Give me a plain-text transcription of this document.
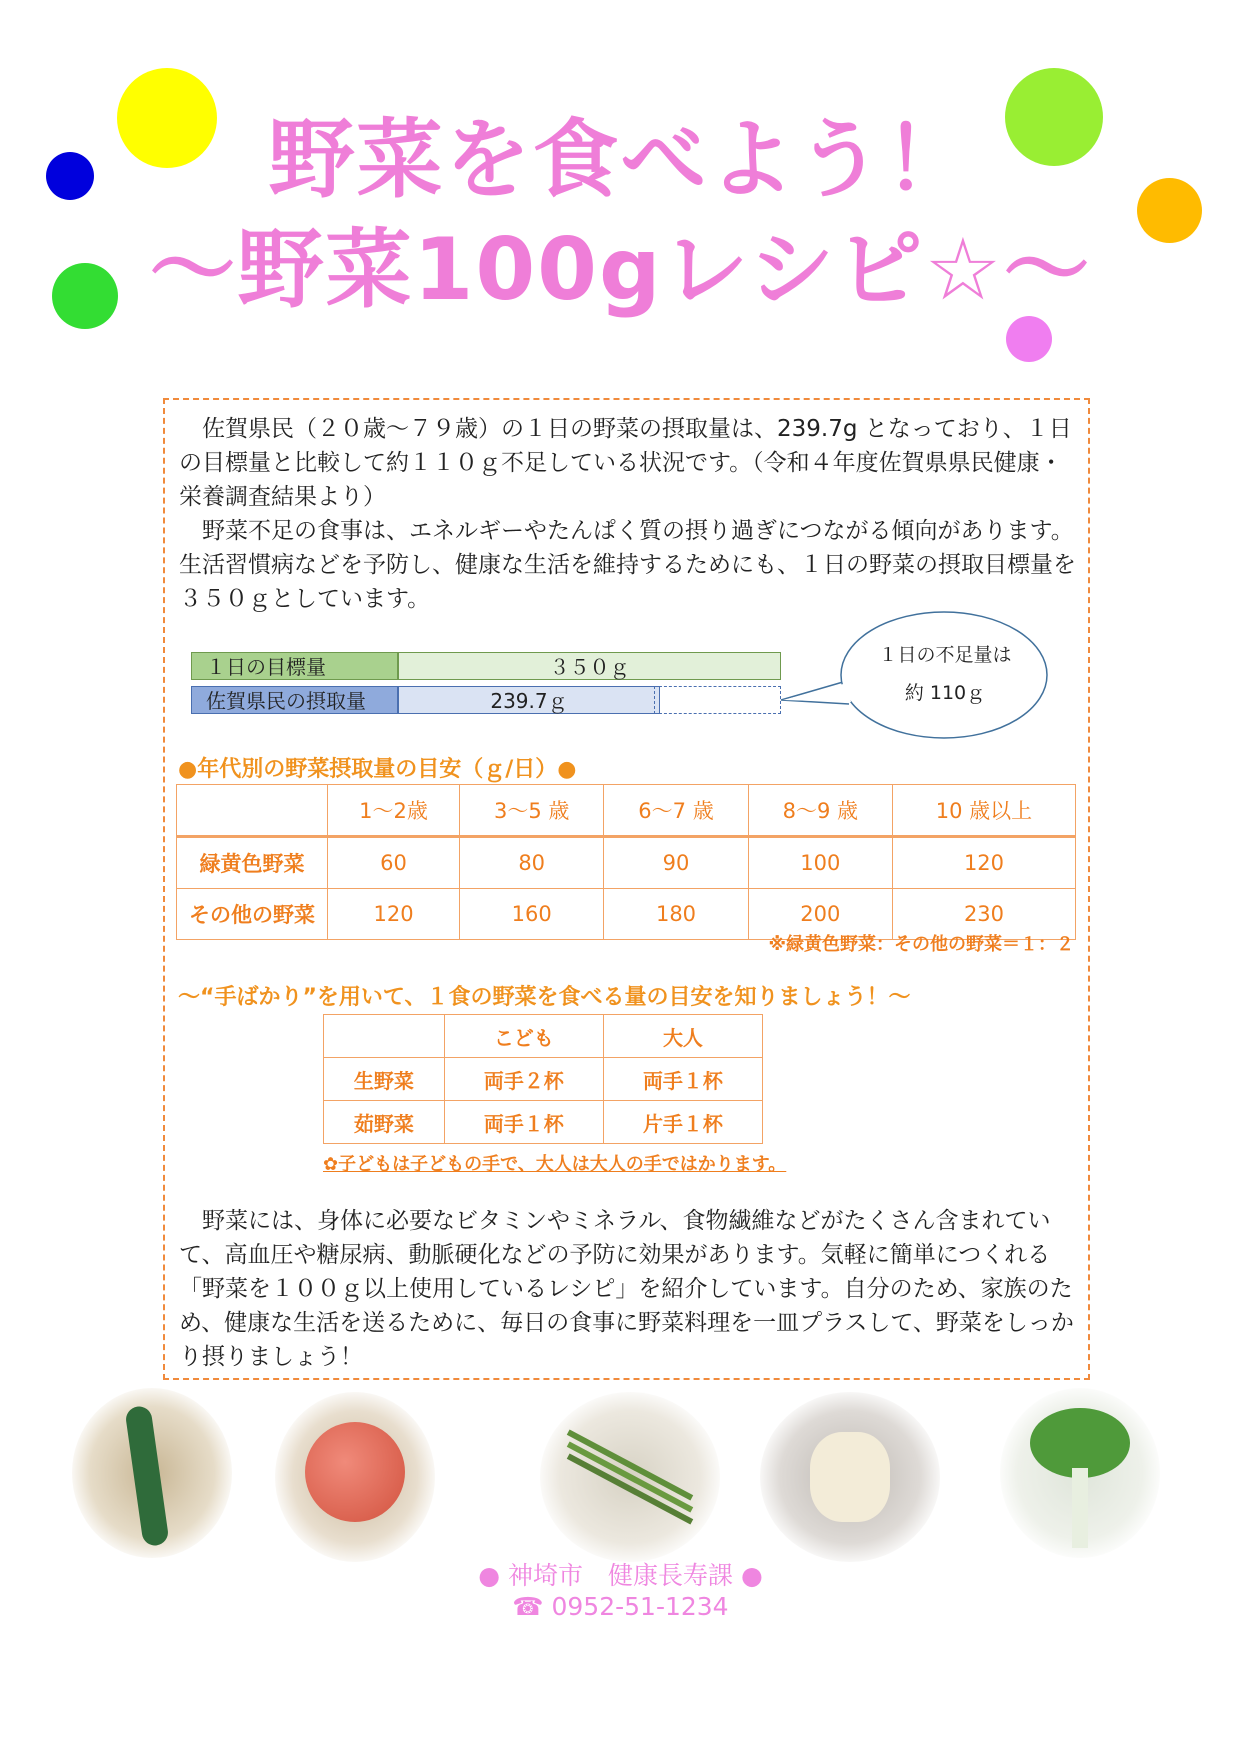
野菜を食べよう！
〜野菜100gレシピ☆〜
　佐賀県民（２０歳〜７９歳）の１日の野菜の摂取量は、239.7g となっており、１日の目標量と比較して約１１０ｇ不足している状況です。（令和４年度佐賀県県民健康・栄養調査結果より）
　野菜不足の食事は、エネルギーやたんぱく質の摂り過ぎにつながる傾向があります。生活習慣病などを予防し、健康な生活を維持するためにも、１日の野菜の摂取目標量を３５０ｇとしています。
１日の目標量	３５０ｇ
佐賀県民の摂取量	239.7ｇ
１日の不足量は
約 110ｇ
●年代別の野菜摂取量の目安（ｇ/日）●
	1〜2歳	3〜5 歳	6〜7 歳	8〜9 歳	10 歳以上
緑黄色野菜	60	80	90	100	120
その他の野菜	120	160	180	200	230
※緑黄色野菜：その他の野菜＝１：２
〜“手ばかり”を用いて、１食の野菜を食べる量の目安を知りましょう！〜
	こども	大人
生野菜	両手２杯	両手１杯
茹野菜	両手１杯	片手１杯
✿子どもは子どもの手で、大人は大人の手ではかります。
　野菜には、身体に必要なビタミンやミネラル、食物繊維などがたくさん含まれていて、高血圧や糖尿病、動脈硬化などの予防に効果があります。気軽に簡単につくれる「野菜を１００ｇ以上使用しているレシピ」を紹介しています。自分のため、家族のため、健康な生活を送るために、毎日の食事に野菜料理を一皿プラスして、野菜をしっかり摂りましょう！
● 神埼市　健康長寿課 ●
☎ 0952-51-1234
